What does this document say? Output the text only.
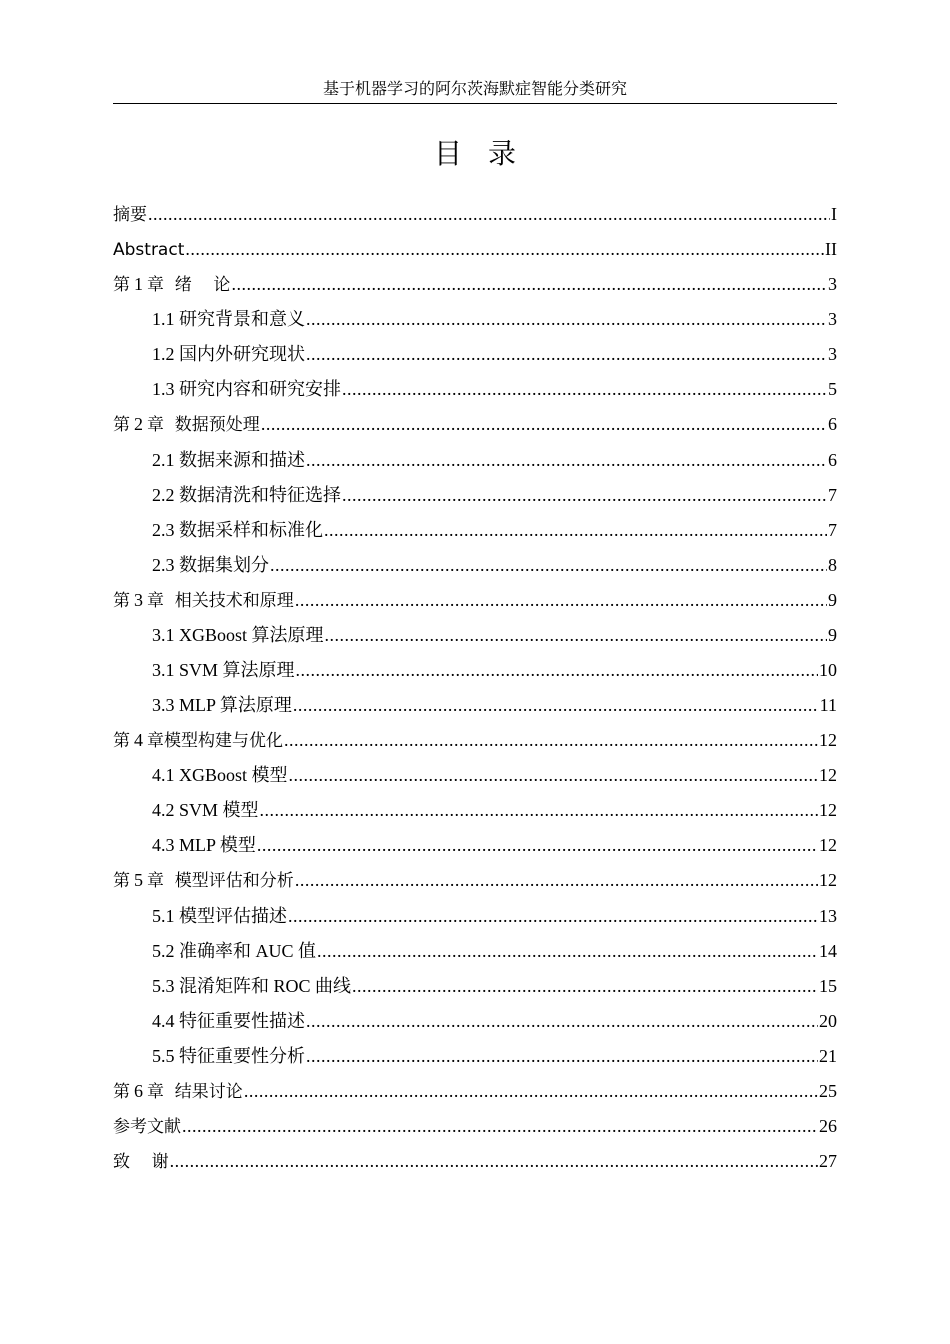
基于机器学习的阿尔茨海默症智能分类研究
目录
摘要 .....	I
Abstract .....	II
第 1 章  绪    论 .....	3
1.1 研究背景和意义 .....	3
1.2 国内外研究现状 .....	3
1.3 研究内容和研究安排 .....	5
第 2 章  数据预处理 .....	6
2.1 数据来源和描述 .....	6
2.2 数据清洗和特征选择 .....	7
2.3 数据采样和标准化 .....	7
2.3 数据集划分 .....	8
第 3 章  相关技术和原理 .....	9
3.1 XGBoost 算法原理 .....	9
3.1 SVM 算法原理 .....	10
3.3 MLP 算法原理 .....	11
第 4 章模型构建与优化 .....	12
4.1 XGBoost 模型 .....	12
4.2 SVM 模型 .....	12
4.3 MLP 模型 .....	12
第 5 章  模型评估和分析 .....	12
5.1 模型评估描述 .....	13
5.2 准确率和 AUC 值 .....	14
5.3 混淆矩阵和 ROC 曲线 .....	15
4.4 特征重要性描述 .....	20
5.5 特征重要性分析 .....	21
第 6 章  结果讨论 .....	25
参考文献 .....	26
致    谢 .....	27
